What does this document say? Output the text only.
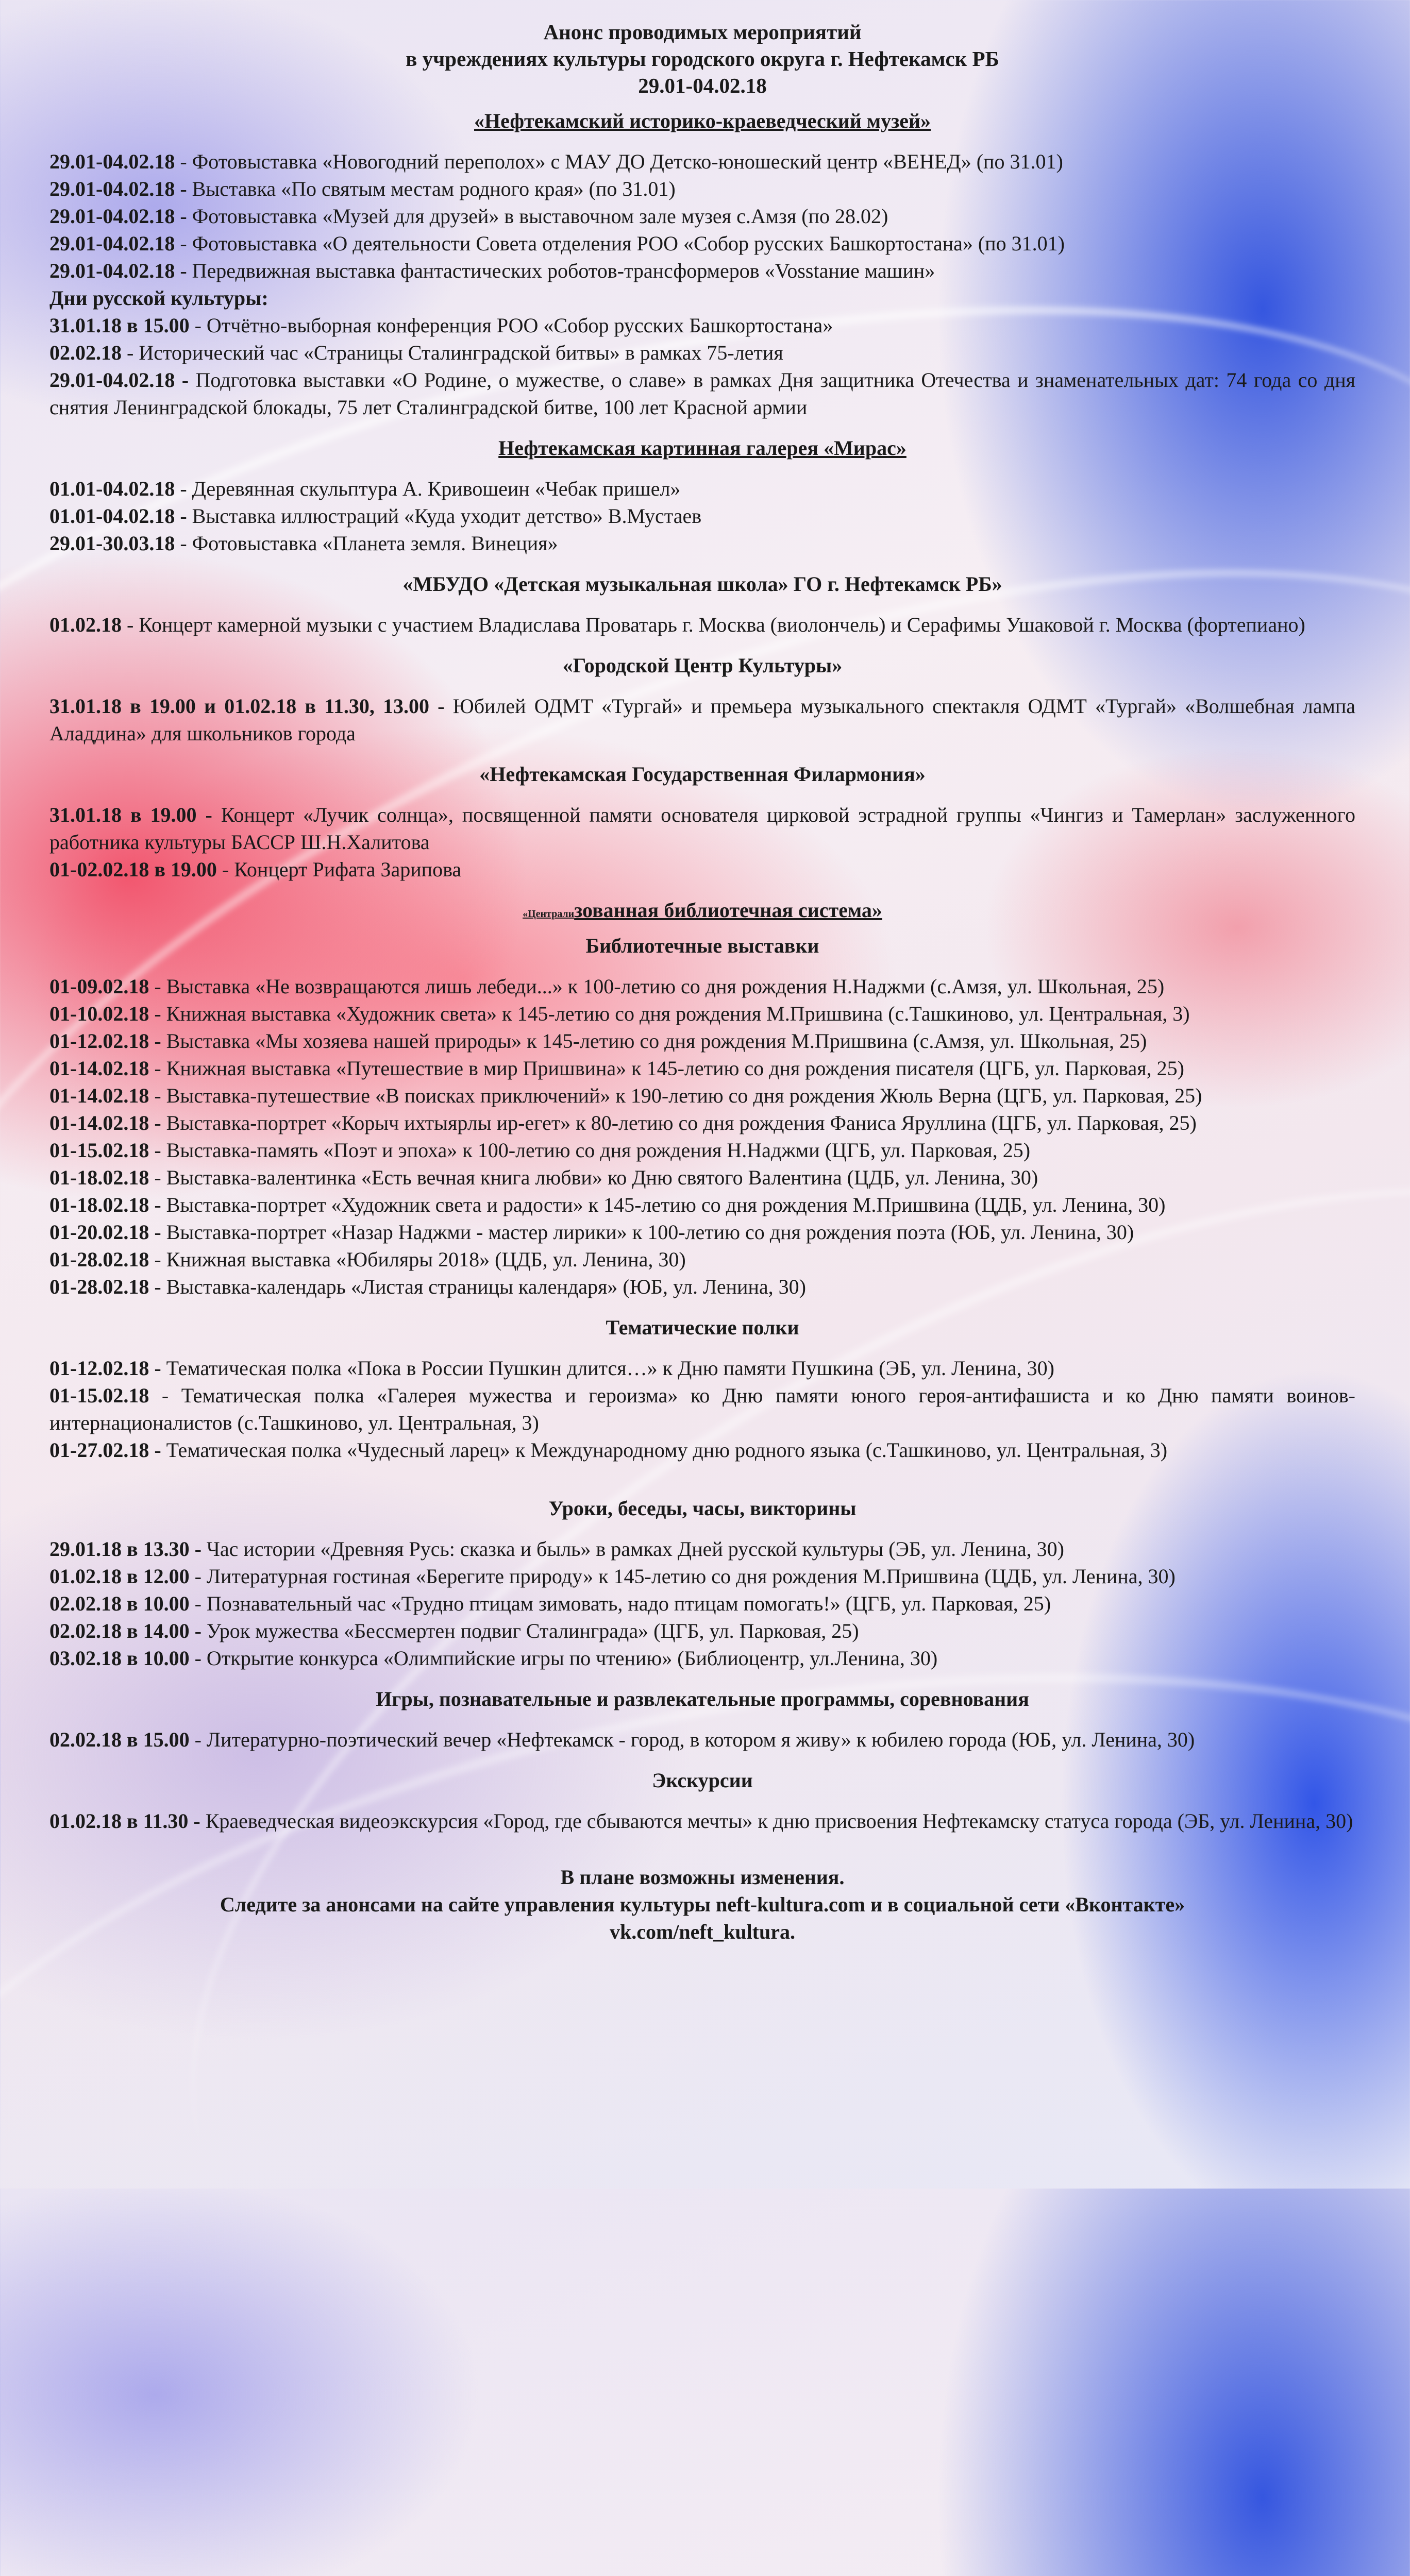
Анонс проводимых мероприятий
в учреждениях культуры городского округа г. Нефтекамск РБ
29.01-04.02.18
«Нефтекамский историко-краеведческий музей»

29.01-04.02.18 - Фотовыставка «Новогодний переполох» с МАУ ДО Детско-юношеский центр «ВЕНЕД» (по 31.01)

29.01-04.02.18 - Выставка «По святым местам родного края» (по 31.01)

29.01-04.02.18 - Фотовыставка «Музей для друзей» в выставочном зале музея с.Амзя (по 28.02)

29.01-04.02.18 - Фотовыставка «О деятельности Совета отделения РОО «Собор русских Башкортостана» (по 31.01)

29.01-04.02.18 - Передвижная выставка фантастических роботов-трансформеров «Vosstание машин»

Дни русской культуры:

31.01.18 в 15.00 - Отчётно-выборная конференция РОО «Собор русских Башкортостана»

02.02.18 - Исторический час «Страницы Сталинградской битвы» в рамках 75-летия

29.01-04.02.18 - Подготовка выставки «О Родине, о мужестве, о славе» в рамках Дня защитника Отечества и знаменательных дат: 74 года со дня снятия Ленинградской блокады, 75 лет Сталинградской битве, 100 лет Красной армии

Нефтекамская картинная галерея «Мирас»

01.01-04.02.18 - Деревянная скульптура А. Кривошеин «Чебак пришел»

01.01-04.02.18 - Выставка иллюстраций «Куда уходит детство» В.Мустаев

29.01-30.03.18 - Фотовыставка «Планета земля. Винеция»

«МБУДО «Детская музыкальная школа» ГО г. Нефтекамск РБ»

01.02.18 - Концерт камерной музыки с участием Владислава Проватарь г. Москва (виолончель) и Серафимы Ушаковой г. Москва (фортепиано)

«Городской Центр Культуры»

31.01.18 в 19.00 и 01.02.18 в 11.30, 13.00 - Юбилей ОДМТ «Тургай» и премьера музыкального спектакля ОДМТ «Тургай» «Волшебная лампа Аладдина» для школьников города

«Нефтекамская Государственная Филармония»

31.01.18 в 19.00 - Концерт «Лучик солнца», посвященной памяти основателя цирковой эстрадной группы «Чингиз и Тамерлан» заслуженного работника культуры БАССР Ш.Н.Халитова

01-02.02.18 в 19.00 - Концерт Рифата Зарипова

«Централизованная библиотечная система»
Библиотечные выставки

01-09.02.18 - Выставка «Не возвращаются лишь лебеди...» к 100-летию со дня рождения Н.Наджми (с.Амзя, ул. Школьная, 25)

01-10.02.18 - Книжная выставка «Художник света» к 145-летию со дня рождения М.Пришвина (с.Ташкиново, ул. Центральная, 3)

01-12.02.18 - Выставка «Мы хозяева нашей природы» к 145-летию со дня рождения М.Пришвина (с.Амзя, ул. Школьная, 25)

01-14.02.18 - Книжная выставка «Путешествие в мир Пришвина» к 145-летию со дня рождения писателя (ЦГБ, ул. Парковая, 25)

01-14.02.18 - Выставка-путешествие «В поисках приключений» к 190-летию со дня рождения Жюль Верна (ЦГБ, ул. Парковая, 25)

01-14.02.18 - Выставка-портрет «Корыч ихтыярлы ир-егет» к 80-летию со дня рождения Фаниса Яруллина (ЦГБ, ул. Парковая, 25)

01-15.02.18 - Выставка-память «Поэт и эпоха» к 100-летию со дня рождения Н.Наджми (ЦГБ, ул. Парковая, 25)

01-18.02.18 - Выставка-валентинка «Есть вечная книга любви» ко Дню святого Валентина (ЦДБ, ул. Ленина, 30)

01-18.02.18 - Выставка-портрет «Художник света и радости» к 145-летию со дня рождения М.Пришвина (ЦДБ, ул. Ленина, 30)

01-20.02.18 - Выставка-портрет «Назар Наджми - мастер лирики» к 100-летию со дня рождения поэта (ЮБ, ул. Ленина, 30)

01-28.02.18 - Книжная выставка «Юбиляры 2018» (ЦДБ, ул. Ленина, 30)

01-28.02.18 - Выставка-календарь «Листая страницы календаря» (ЮБ, ул. Ленина, 30)

Тематические полки

01-12.02.18 - Тематическая полка «Пока в России Пушкин длится…» к Дню памяти Пушкина (ЭБ, ул. Ленина, 30)

01-15.02.18 - Тематическая полка «Галерея мужества и героизма» ко Дню памяти юного героя-антифашиста и ко Дню памяти воинов-интернационалистов (с.Ташкиново, ул. Центральная, 3)

01-27.02.18 - Тематическая полка «Чудесный ларец» к Международному дню родного языка (с.Ташкиново, ул. Центральная, 3)

Уроки, беседы, часы, викторины

29.01.18 в 13.30 - Час истории «Древняя Русь: сказка и быль» в рамках Дней русской культуры (ЭБ, ул. Ленина, 30)

01.02.18 в 12.00 - Литературная гостиная «Берегите природу» к 145-летию со дня рождения М.Пришвина (ЦДБ, ул. Ленина, 30)

02.02.18 в 10.00 - Познавательный час «Трудно птицам зимовать, надо птицам помогать!» (ЦГБ, ул. Парковая, 25)

02.02.18 в 14.00 - Урок мужества «Бессмертен подвиг Сталинграда» (ЦГБ, ул. Парковая, 25)

03.02.18 в 10.00 - Открытие конкурса «Олимпийские игры по чтению» (Библиоцентр, ул.Ленина, 30)

Игры, познавательные и развлекательные программы, соревнования

02.02.18 в 15.00 - Литературно-поэтический вечер «Нефтекамск - город, в котором я живу» к юбилею города (ЮБ, ул. Ленина, 30)

Экскурсии

01.02.18 в 11.30 - Краеведческая видеоэкскурсия «Город, где сбываются мечты» к дню присвоения Нефтекамску статуса города (ЭБ, ул. Ленина, 30)

В плане возможны изменения.
Следите за анонсами на сайте управления культуры neft-kultura.com и в социальной сети «Вконтакте»
vk.com/neft_kultura.
